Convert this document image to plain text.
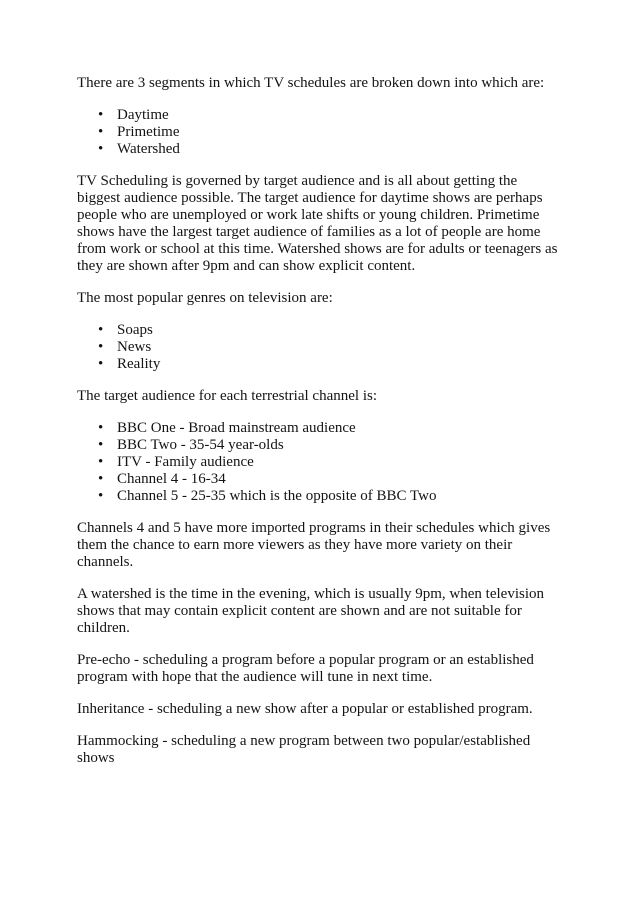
There are 3 segments in which TV schedules are broken down into which are:

• Daytime
• Primetime
• Watershed

TV Scheduling is governed by target audience and is all about getting the biggest audience possible. The target audience for daytime shows are perhaps people who are unemployed or work late shifts or young children. Primetime shows have the largest target audience of families as a lot of people are home from work or school at this time. Watershed shows are for adults or teenagers as they are shown after 9pm and can show explicit content.

The most popular genres on television are:

• Soaps
• News
• Reality

The target audience for each terrestrial channel is:

• BBC One - Broad mainstream audience
• BBC Two - 35-54 year-olds
• ITV - Family audience
• Channel 4 - 16-34
• Channel 5 - 25-35 which is the opposite of BBC Two

Channels 4 and 5 have more imported programs in their schedules which gives them the chance to earn more viewers as they have more variety on their channels.

A watershed is the time in the evening, which is usually 9pm, when television shows that may contain explicit content are shown and are not suitable for children.

Pre-echo - scheduling a program before a popular program or an established program with hope that the audience will tune in next time.

Inheritance - scheduling a new show after a popular or established program.

Hammocking - scheduling a new program between two popular/established shows
